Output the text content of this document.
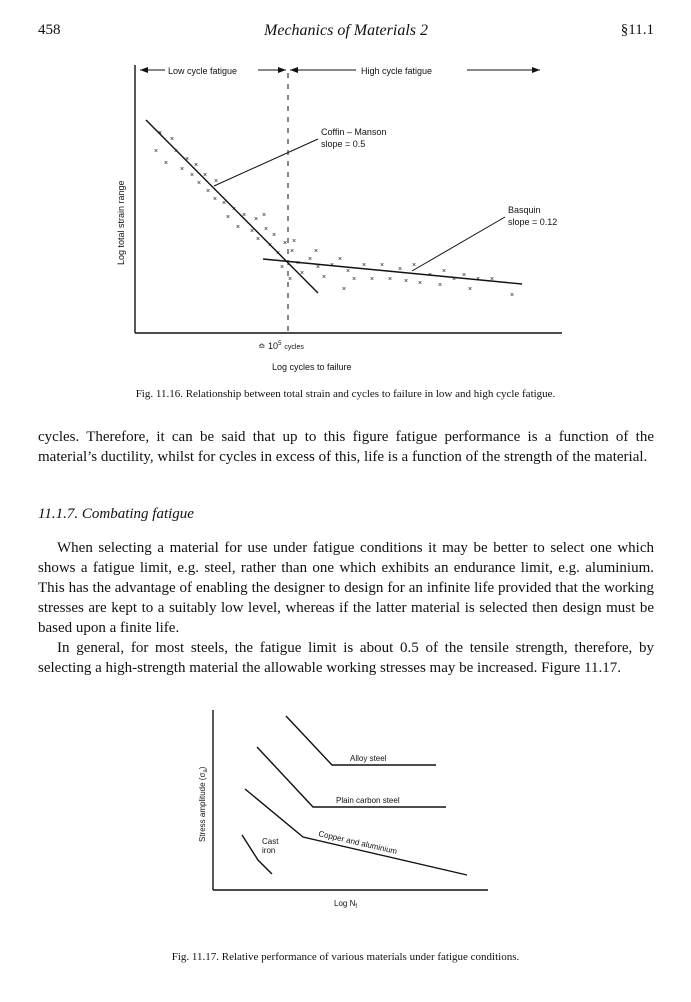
458	Mechanics of Materials 2	§11.1
Low cycle fatigue	High cycle fatigue
Coffin – Manson
slope = 0.5
Basquin
slope = 0.12
×
×
× ×
×
×
×
×
× ×
× ×
×
×
×
×
× ×
×
×
×
× ×
×
×
× × ×
× ×
×
×
×
×
×
×
×
×
×
×
×
×
×
×
×
×
×
×
×
×
×
×
×
×
×
×
×
× ×
×
≏ $10^5$ $_{cycles}$
Log total strain range
Log cycles to failure
Fig. 11.16. Relationship between total strain and cycles to failure in low and high cycle fatigue.

cycles. Therefore, it can be said that up to this figure fatigue performance is a function of the material’s ductility, whilst for cycles in excess of this, life is a function of the strength of the material.

11.1.7. Combating fatigue

When selecting a material for use under fatigue conditions it may be better to select one which shows a fatigue limit, e.g. steel, rather than one which exhibits an endurance limit, e.g. aluminium. This has the advantage of enabling the designer to design for an infinite life provided that the working stresses are kept to a suitably low level, whereas if the latter material is selected then design must be based upon a finite life.

In general, for most steels, the fatigue limit is about 0.5 of the tensile strength, therefore, by selecting a high-strength material the allowable working stresses may be increased. Figure 11.17.

Alloy steel
Plain carbon steel
Copper and aluminium
Cast
iron
Stress amplitude $(\sigma_a)$
Log $N_f$
Fig. 11.17. Relative performance of various materials under fatigue conditions.
